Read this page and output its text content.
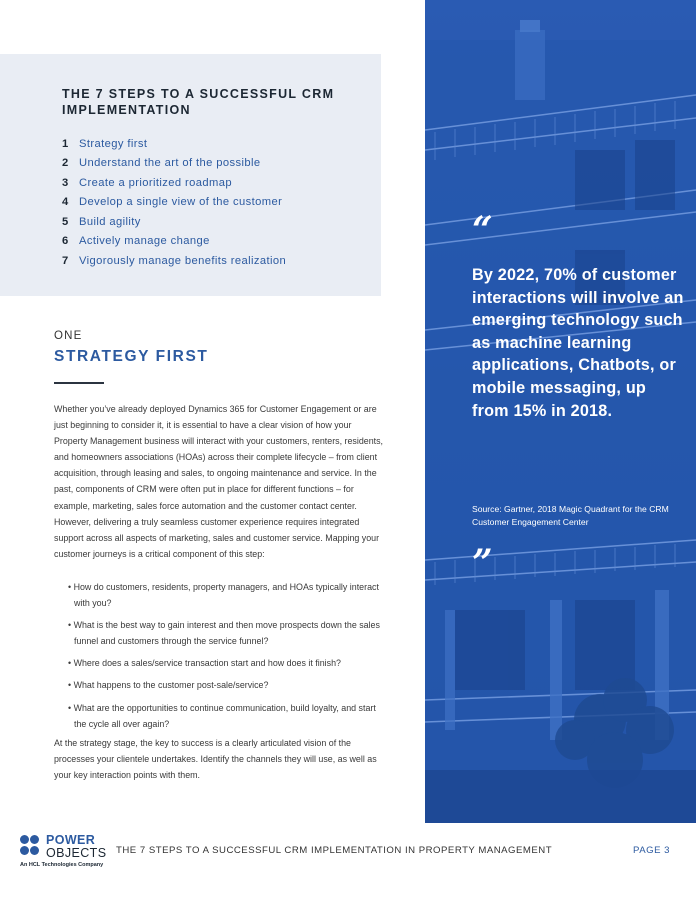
THE 7 STEPS TO A SUCCESSFUL CRM IMPLEMENTATION
1 Strategy first
2 Understand the art of the possible
3 Create a prioritized roadmap
4 Develop a single view of the customer
5 Build agility
6 Actively manage change
7 Vigorously manage benefits realization
ONE
STRATEGY FIRST

Whether you’ve already deployed Dynamics 365 for Customer Engagement or are just beginning to consider it, it is essential to have a clear vision of how your Property Management business will interact with your customers, renters, residents, and homeowners associations (HOAs) across their complete lifecycle – from client acquisition, through leasing and sales, to ongoing maintenance and service. In the past, components of CRM were often put in place for different functions – for example, marketing, sales force automation and the customer contact center. However, delivering a truly seamless customer experience requires integrated support across all aspects of marketing, sales and customer service. Mapping your customer journeys is a critical component of this step:

• How do customers, residents, property managers, and HOAs typically interact with you?
• What is the best way to gain interest and then move prospects down the sales funnel and customers through the service funnel?
• Where does a sales/service transaction start and how does it finish?
• What happens to the customer post-sale/service?
• What are the opportunities to continue communication, build loyalty, and start the cycle all over again?

At the strategy stage, the key to success is a clearly articulated vision of the processes your clientele undertakes. Identify the channels they will use, as well as your key interaction points with them.

“

By 2022, 70% of customer interactions will involve an emerging technology such as machine learning applications, Chatbots, or mobile messaging, up from 15% in 2018.

Source: Gartner, 2018 Magic Quadrant for the CRM Customer Engagement Center

”
POWER
OBJECTS
An HCL Technologies Company
THE 7 STEPS TO A SUCCESSFUL CRM IMPLEMENTATION IN PROPERTY MANAGEMENT	PAGE 3
